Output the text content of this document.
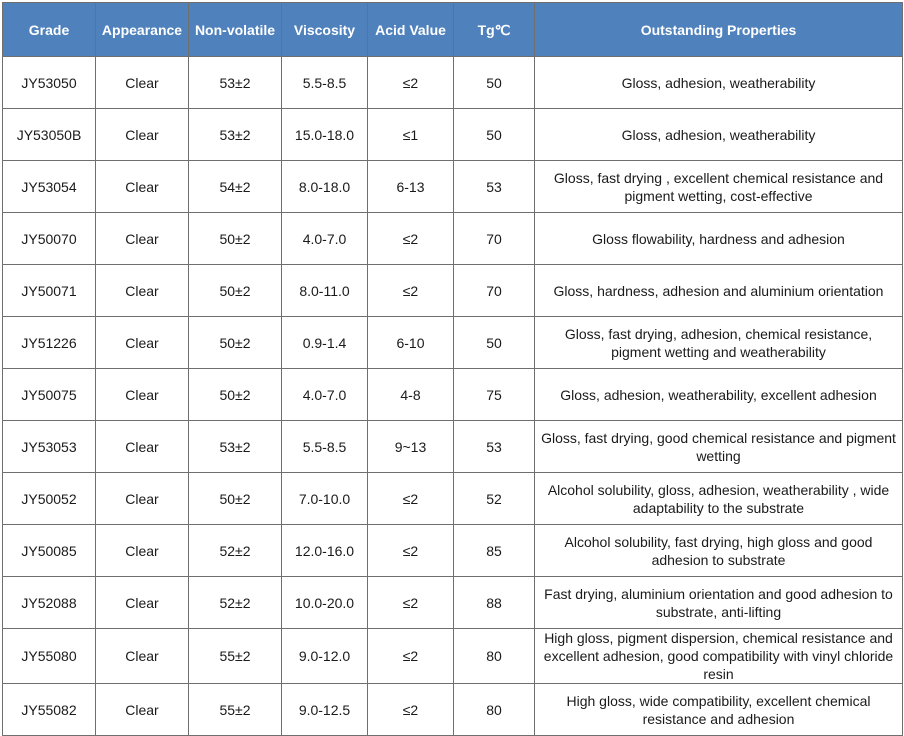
Grade	Appearance	Non-volatile	Viscosity	Acid Value	Tg℃	Outstanding Properties
JY53050	Clear	53±2	5.5-8.5	≤2	50	Gloss, adhesion, weatherability
JY53050B	Clear	53±2	15.0-18.0	≤1	50	Gloss, adhesion, weatherability
JY53054	Clear	54±2	8.0-18.0	6-13	53	Gloss, fast drying , excellent chemical resistance and pigment wetting, cost-effective
JY50070	Clear	50±2	4.0-7.0	≤2	70	Gloss flowability, hardness and adhesion
JY50071	Clear	50±2	8.0-11.0	≤2	70	Gloss, hardness, adhesion and aluminium orientation
JY51226	Clear	50±2	0.9-1.4	6-10	50	Gloss, fast drying, adhesion, chemical resistance, pigment wetting and weatherability
JY50075	Clear	50±2	4.0-7.0	4-8	75	Gloss, adhesion, weatherability, excellent adhesion
JY53053	Clear	53±2	5.5-8.5	9~13	53	Gloss, fast drying, good chemical resistance and pigment wetting
JY50052	Clear	50±2	7.0-10.0	≤2	52	Alcohol solubility, gloss, adhesion, weatherability , wide adaptability to the substrate
JY50085	Clear	52±2	12.0-16.0	≤2	85	Alcohol solubility, fast drying, high gloss and good adhesion to substrate
JY52088	Clear	52±2	10.0-20.0	≤2	88	Fast drying, aluminium orientation and good adhesion to substrate, anti-lifting
JY55080	Clear	55±2	9.0-12.0	≤2	80	High gloss, pigment dispersion, chemical resistance and excellent adhesion, good compatibility with vinyl chloride resin
JY55082	Clear	55±2	9.0-12.5	≤2	80	High gloss, wide compatibility, excellent chemical resistance and adhesion
